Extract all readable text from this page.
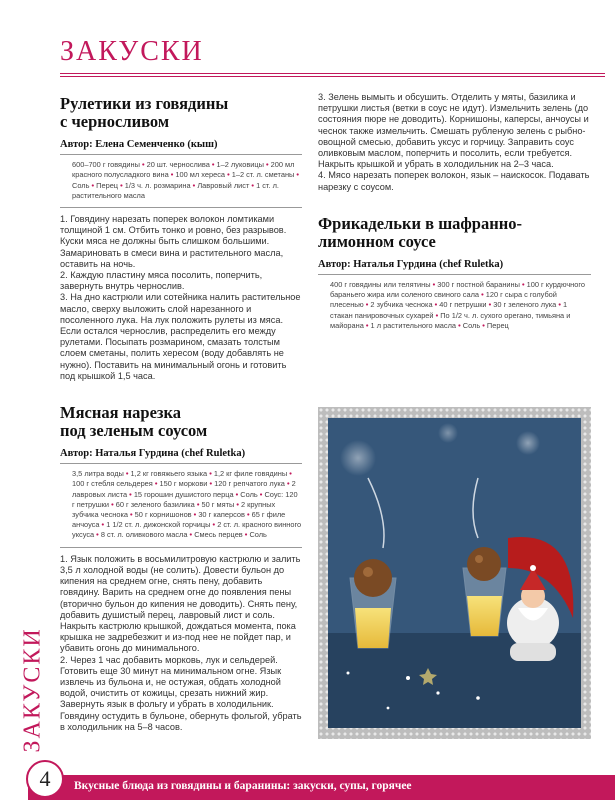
ЗАКУСКИ
Рулетики из говядины
с черносливом
Автор: Елена Семенченко (кыш)
600–700 г говядины • 20 шт. чернослива • 1–2 луковицы • 200 мл красного полусладкого вина • 100 мл хереса • 1–2 ст. л. сметаны • Соль • Перец • 1/3 ч. л. розмарина • Лавровый лист • 1 ст. л. растительного масла

1. Говядину нарезать поперек волокон ломтиками толщиной 1 см. Отбить тонко и ровно, без разрывов. Куски мяса не должны быть слишком большими. Замариновать в смеси вина и растительного масла, оставить на ночь.

2. Каждую пластину мяса посолить, поперчить, завернуть внутрь чернослив.

3. На дно кастрюли или сотейника налить растительное масло, сверху выложить слой нарезанного и посоленного лука. На лук положить рулеты из мяса. Если остался чернослив, распределить его между рулетами. Посыпать розмарином, смазать толстым слоем сметаны, полить хересом (воду добавлять не нужно). Поставить на минимальный огонь и готовить под крышкой 1,5 часа.

Мясная нарезка
под зеленым соусом
Автор: Наталья Гурдина (chef Ruletka)
3,5 литра воды • 1,2 кг говяжьего языка • 1,2 кг филе говядины • 100 г стебля сельдерея • 150 г моркови • 120 г репчатого лука • 2 лавровых листа • 15 горошин душистого перца • Соль • Соус: 120 г петрушки • 60 г зеленого базилика • 50 г мяты • 2 крупных зубчика чеснока • 50 г корнишонов • 30 г каперсов • 65 г филе анчоуса • 1 1/2 ст. л. дижонской горчицы • 2 ст. л. красного винного уксуса • 8 ст. л. оливкового масла • Смесь перцев • Соль

1. Язык положить в восьмилитровую кастрюлю и залить 3,5 л холодной воды (не солить). Довести бульон до кипения на среднем огне, снять пену, добавить говядину. Варить на среднем огне до появления пены (вторично бульон до кипения не доводить). Снять пену, добавить душистый перец, лавровый лист и соль. Накрыть кастрюлю крышкой, дождаться момента, пока крышка не задребезжит и из-под нее не пойдет пар, и убавить огонь до минимального.

2. Через 1 час добавить морковь, лук и сельдерей. Готовить еще 30 минут на минимальном огне. Язык извлечь из бульона и, не остужая, обдать холодной водой, очистить от кожицы, срезать нижний жир. Завернуть язык в фольгу и убрать в холодильник. Говядину остудить в бульоне, обернуть фольгой, убрать в холодильник на 5–8 часов.

3. Зелень вымыть и обсушить. Отделить у мяты, базилика и петрушки листья (ветки в соус не идут). Измельчить зелень (до состояния пюре не доводить). Корнишоны, каперсы, анчоусы и чеснок также измельчить. Смешать рубленую зелень с рыбно-овощной смесью, добавить уксус и горчицу. Заправить соус оливковым маслом, поперчить и посолить, если требуется. Накрыть крышкой и убрать в холодильник на 2–3 часа.

4. Мясо нарезать поперек волокон, язык – наискосок. Подавать нарезку с соусом.

Фрикадельки в шафранно-
лимонном соусе
Автор: Наталья Гурдина (chef Ruletka)
400 г говядины или телятины • 300 г постной баранины • 100 г курдючного бараньего жира или соленого свиного сала • 120 г сыра с голубой плесенью • 2 зубчика чеснока • 40 г петрушки • 30 г зеленого лука • 1 стакан панировочных сухарей • По 1/2 ч. л. сухого орегано, тимьяна и майорана • 1 л растительного масла • Соль • Перец
ЗАКУСКИ
Вкусные блюда из говядины и баранины: закуски, супы, горячее
4
